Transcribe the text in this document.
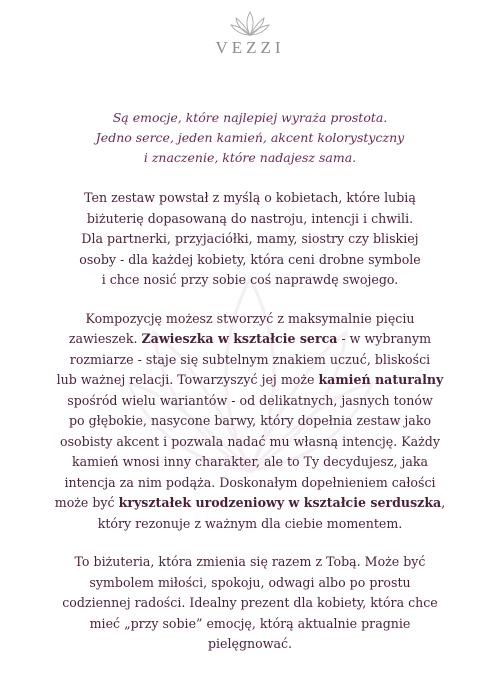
VEZZI
Są emocje, które najlepiej wyraża prostota.
Jedno serce, jeden kamień, akcent kolorystyczny
i znaczenie, które nadajesz sama.
Ten zestaw powstał z myślą o kobietach, które lubią
biżuterię dopasowaną do nastroju, intencji i chwili.
Dla partnerki, przyjaciółki, mamy, siostry czy bliskiej
osoby - dla każdej kobiety, która ceni drobne symbole
i chce nosić przy sobie coś naprawdę swojego.
Kompozycję możesz stworzyć z maksymalnie pięciu
zawieszek. Zawieszka w kształcie serca - w wybranym
rozmiarze - staje się subtelnym znakiem uczuć, bliskości
lub ważnej relacji. Towarzyszyć jej może kamień naturalny
spośród wielu wariantów - od delikatnych, jasnych tonów
po głębokie, nasycone barwy, który dopełnia zestaw jako
osobisty akcent i pozwala nadać mu własną intencję. Każdy
kamień wnosi inny charakter, ale to Ty decydujesz, jaka
intencja za nim podąża. Doskonałym dopełnieniem całości
może być kryształek urodzeniowy w kształcie serduszka,
który rezonuje z ważnym dla ciebie momentem.
To biżuteria, która zmienia się razem z Tobą. Może być
symbolem miłości, spokoju, odwagi albo po prostu
codziennej radości. Idealny prezent dla kobiety, która chce
mieć „przy sobie” emocję, którą aktualnie pragnie
pielęgnować.
